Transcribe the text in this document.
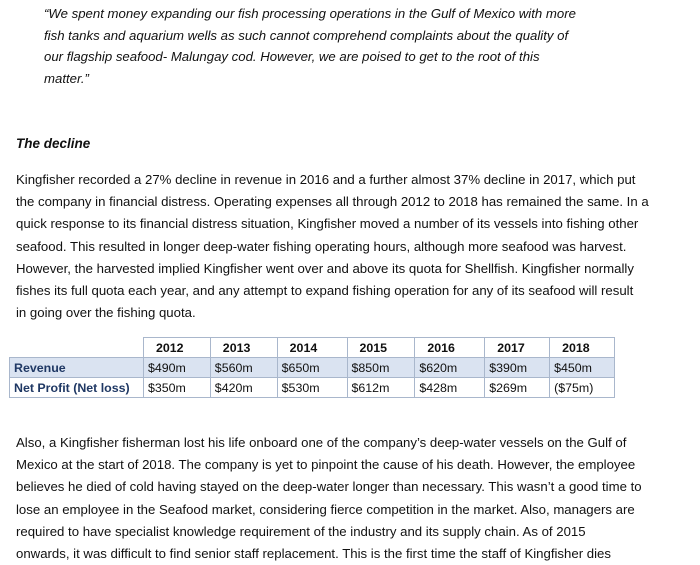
“We spent money expanding our fish processing operations in the Gulf of Mexico with more
fish tanks and aquarium wells as such cannot comprehend complaints about the quality of
our flagship seafood- Malungay cod. However, we are poised to get to the root of this
matter.”
The decline
Kingfisher recorded a 27% decline in revenue in 2016 and a further almost 37% decline in 2017, which put
the company in financial distress. Operating expenses all through 2012 to 2018 has remained the same. In a
quick response to its financial distress situation, Kingfisher moved a number of its vessels into fishing other
seafood. This resulted in longer deep-water fishing operating hours, although more seafood was harvest.
However, the harvested implied Kingfisher went over and above its quota for Shellfish. Kingfisher normally
fishes its full quota each year, and any attempt to expand fishing operation for any of its seafood will result
in going over the fishing quota.
	2012	2013	2014	2015	2016	2017	2018
Revenue	$490m	$560m	$650m	$850m	$620m	$390m	$450m
Net Profit (Net loss)	$350m	$420m	$530m	$612m	$428m	$269m	($75m)
Also, a Kingfisher fisherman lost his life onboard one of the company’s deep-water vessels on the Gulf of
Mexico at the start of 2018. The company is yet to pinpoint the cause of his death. However, the employee
believes he died of cold having stayed on the deep-water longer than necessary. This wasn’t a good time to
lose an employee in the Seafood market, considering fierce competition in the market. Also, managers are
required to have specialist knowledge requirement of the industry and its supply chain. As of 2015
onwards, it was difficult to find senior staff replacement. This is the first time the staff of Kingfisher dies
